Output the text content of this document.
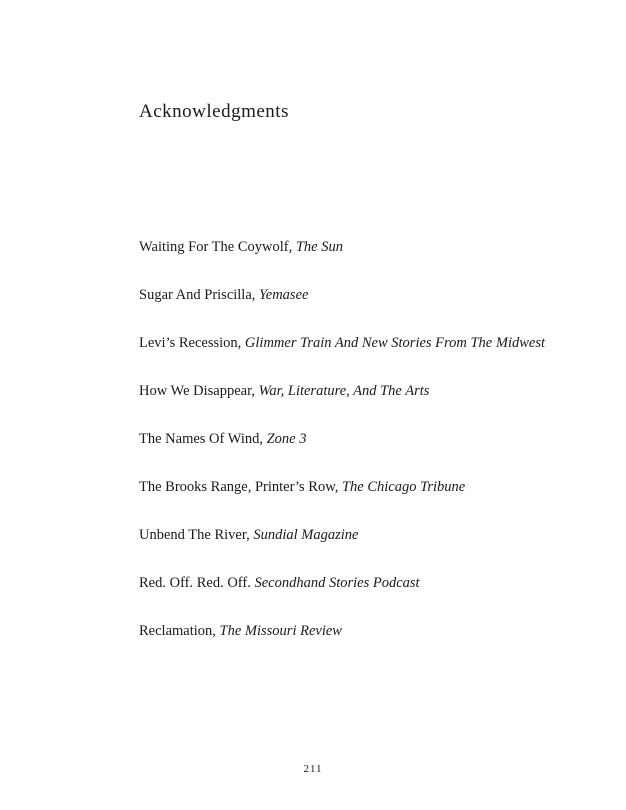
Acknowledgments
Waiting For The Coywolf, The Sun
Sugar And Priscilla, Yemasee
Levi’s Recession, Glimmer Train And New Stories From The Midwest
How We Disappear, War, Literature, And The Arts
The Names Of Wind, Zone 3
The Brooks Range, Printer’s Row, The Chicago Tribune
Unbend The River, Sundial Magazine
Red. Off. Red. Off. Secondhand Stories Podcast
Reclamation, The Missouri Review
211
